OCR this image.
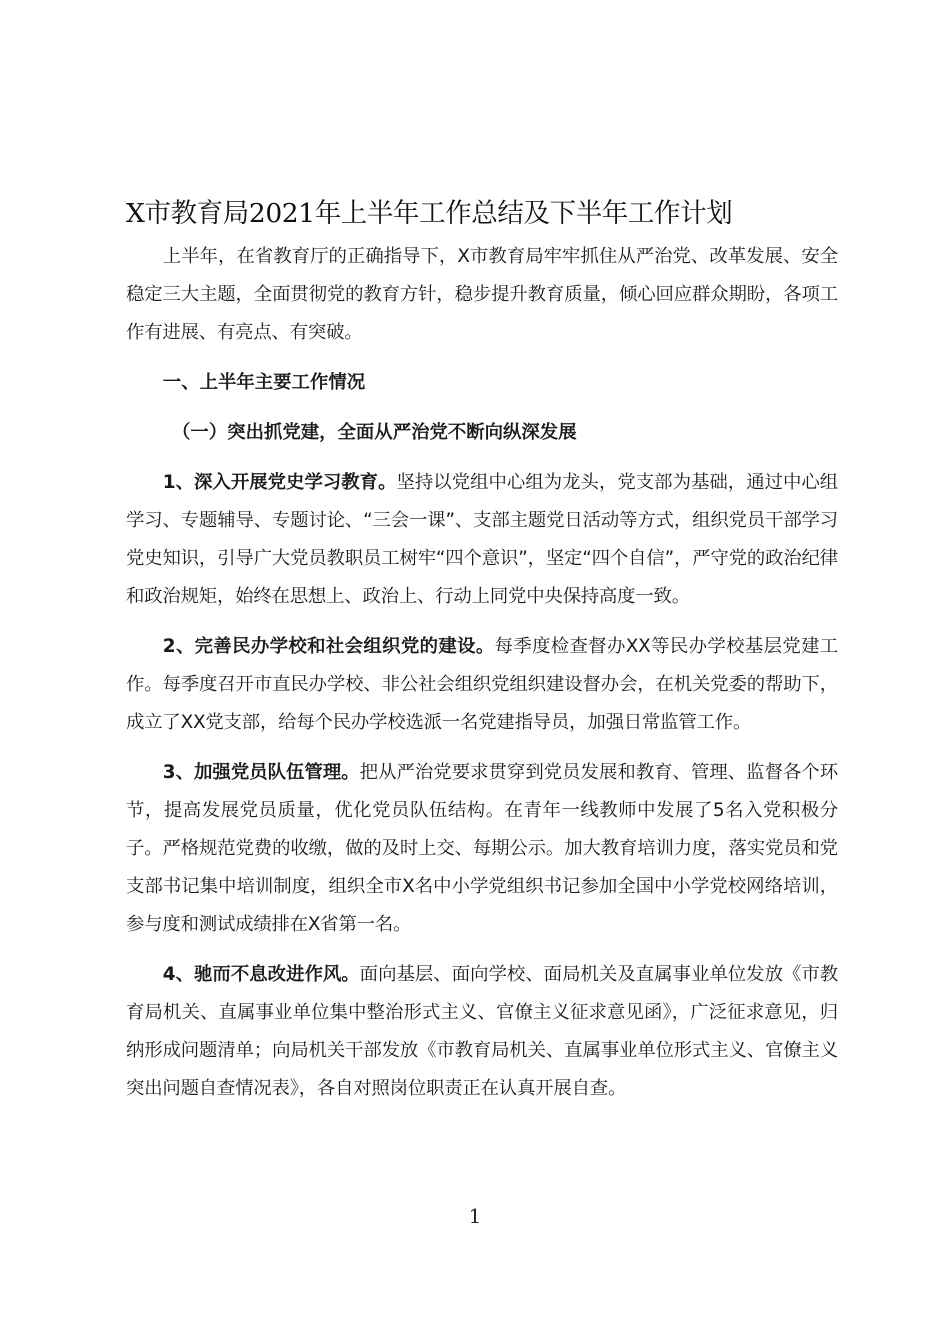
X市教育局2021年上半年工作总结及下半年工作计划

上半年，在省教育厅的正确指导下，X市教育局牢牢抓住从严治党、改革发展、安全稳定三大主题，全面贯彻党的教育方针，稳步提升教育质量，倾心回应群众期盼，各项工作有进展、有亮点、有突破。

一、上半年主要工作情况

（一）突出抓党建，全面从严治党不断向纵深发展

1、深入开展党史学习教育。坚持以党组中心组为龙头，党支部为基础，通过中心组学习、专题辅导、专题讨论、“三会一课”、支部主题党日活动等方式，组织党员干部学习党史知识，引导广大党员教职员工树牢“四个意识”，坚定“四个自信”，严守党的政治纪律和政治规矩，始终在思想上、政治上、行动上同党中央保持高度一致。

2、完善民办学校和社会组织党的建设。每季度检查督办XX等民办学校基层党建工作。每季度召开市直民办学校、非公社会组织党组织建设督办会，在机关党委的帮助下，成立了XX党支部，给每个民办学校选派一名党建指导员，加强日常监管工作。

3、加强党员队伍管理。把从严治党要求贯穿到党员发展和教育、管理、监督各个环节，提高发展党员质量，优化党员队伍结构。在青年一线教师中发展了5名入党积极分子。严格规范党费的收缴，做的及时上交、每期公示。加大教育培训力度，落实党员和党支部书记集中培训制度，组织全市X名中小学党组织书记参加全国中小学党校网络培训，参与度和测试成绩排在X省第一名。

4、驰而不息改进作风。面向基层、面向学校、面局机关及直属事业单位发放《市教育局机关、直属事业单位集中整治形式主义、官僚主义征求意见函》，广泛征求意见，归纳形成问题清单；向局机关干部发放《市教育局机关、直属事业单位形式主义、官僚主义突出问题自查情况表》，各自对照岗位职责正在认真开展自查。

1
